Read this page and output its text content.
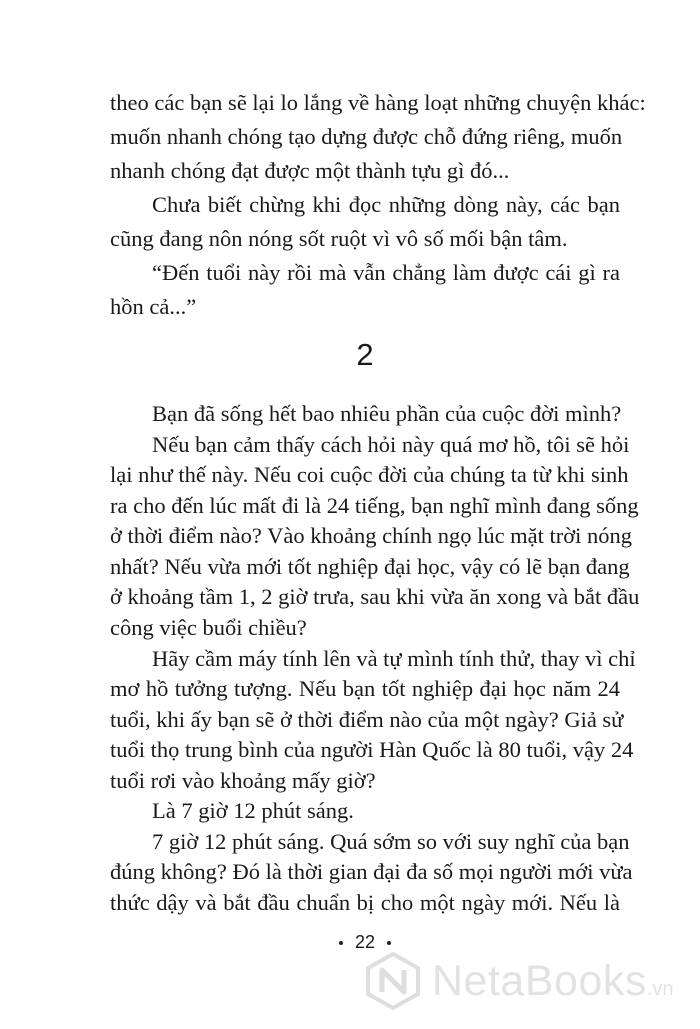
theo các bạn sẽ lại lo lắng về hàng loạt những chuyện khác:
muốn nhanh chóng tạo dựng được chỗ đứng riêng, muốn
nhanh chóng đạt được một thành tựu gì đó...
Chưa biết chừng khi đọc những dòng này, các bạn
cũng đang nôn nóng sốt ruột vì vô số mối bận tâm.
“Đến tuổi này rồi mà vẫn chẳng làm được cái gì ra
hồn cả...”
2
Bạn đã sống hết bao nhiêu phần của cuộc đời mình?
Nếu bạn cảm thấy cách hỏi này quá mơ hồ, tôi sẽ hỏi
lại như thế này. Nếu coi cuộc đời của chúng ta từ khi sinh
ra cho đến lúc mất đi là 24 tiếng, bạn nghĩ mình đang sống
ở thời điểm nào? Vào khoảng chính ngọ lúc mặt trời nóng
nhất? Nếu vừa mới tốt nghiệp đại học, vậy có lẽ bạn đang
ở khoảng tầm 1, 2 giờ trưa, sau khi vừa ăn xong và bắt đầu
công việc buổi chiều?
Hãy cầm máy tính lên và tự mình tính thử, thay vì chỉ
mơ hồ tưởng tượng. Nếu bạn tốt nghiệp đại học năm 24
tuổi, khi ấy bạn sẽ ở thời điểm nào của một ngày? Giả sử
tuổi thọ trung bình của người Hàn Quốc là 80 tuổi, vậy 24
tuổi rơi vào khoảng mấy giờ?
Là 7 giờ 12 phút sáng.
7 giờ 12 phút sáng. Quá sớm so với suy nghĩ của bạn
đúng không? Đó là thời gian đại đa số mọi người mới vừa
thức dậy và bắt đầu chuẩn bị cho một ngày mới. Nếu là
22
NetaBooks.vn
